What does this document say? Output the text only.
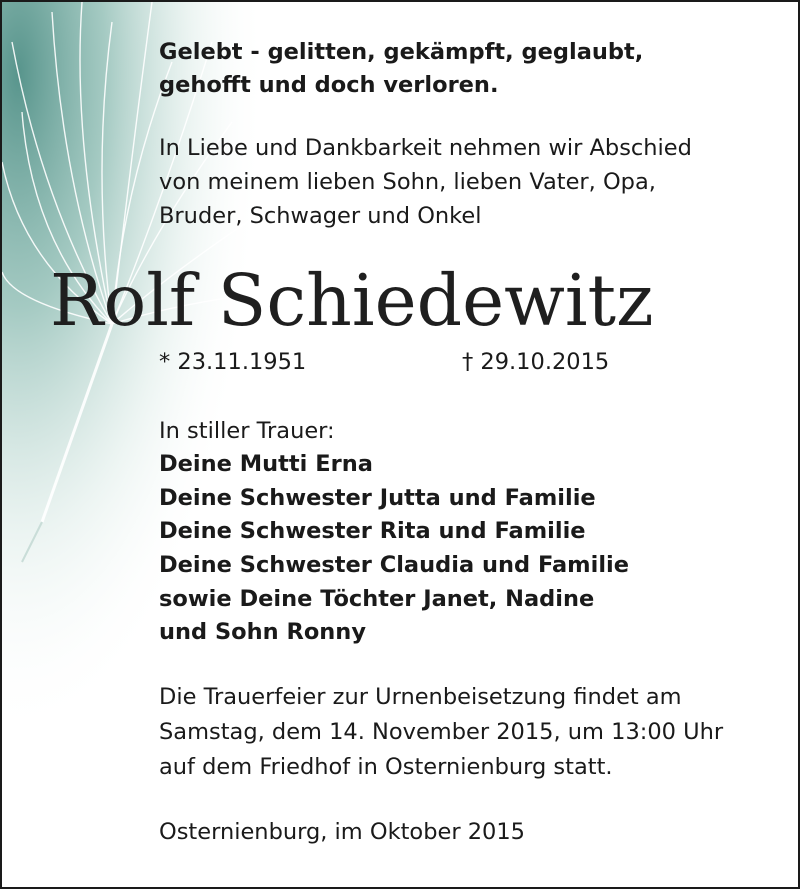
Gelebt - gelitten, gekämpft, geglaubt,
gehofft und doch verloren.
In Liebe und Dankbarkeit nehmen wir Abschied
von meinem lieben Sohn, lieben Vater, Opa,
Bruder, Schwager und Onkel
Rolf Schiedewitz
* 23.11.1951	† 29.10.2015
In stiller Trauer:
Deine Mutti Erna
Deine Schwester Jutta und Familie
Deine Schwester Rita und Familie
Deine Schwester Claudia und Familie
sowie Deine Töchter Janet, Nadine
und Sohn Ronny
Die Trauerfeier zur Urnenbeisetzung findet am
Samstag, dem 14. November 2015, um 13:00 Uhr
auf dem Friedhof in Osternienburg statt.
Osternienburg, im Oktober 2015
